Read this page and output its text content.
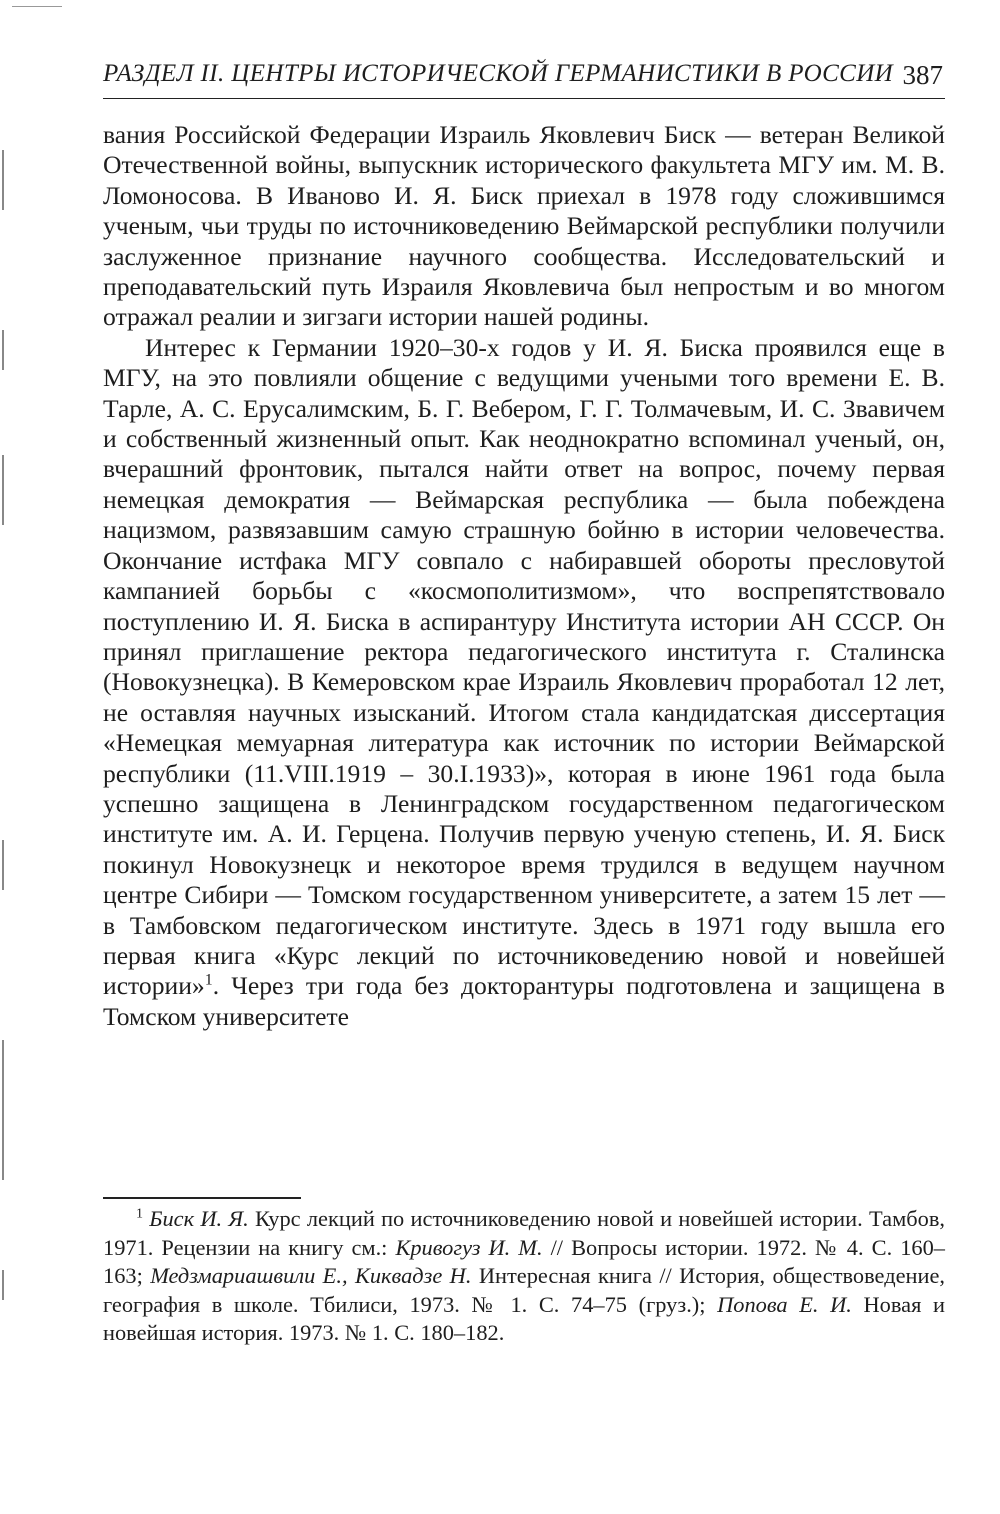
РАЗДЕЛ II. ЦЕНТРЫ ИСТОРИЧЕСКОЙ ГЕРМАНИСТИКИ В РОССИИ 387

вания Российской Федерации Израиль Яковлевич Биск — ветеран Великой Отечественной войны, выпускник исторического факультета МГУ им. М. В. Ломоносова. В Иваново И. Я. Биск приехал в 1978 году сложившимся ученым, чьи труды по источниковедению Веймарской республики получили заслуженное признание научного сообщества. Исследовательский и преподавательский путь Израиля Яковлевича был непростым и во многом отражал реалии и зигзаги истории нашей родины.

Интерес к Германии 1920–30-х годов у И. Я. Биска проявился еще в МГУ, на это повлияли общение с ведущими учеными того времени Е. В. Тарле, А. С. Ерусалимским, Б. Г. Вебером, Г. Г. Толмачевым, И. С. Звавичем и собственный жизненный опыт. Как неоднократно вспоминал ученый, он, вчерашний фронтовик, пытался найти ответ на вопрос, почему первая немецкая демократия — Веймарская республика — была побеждена нацизмом, развязавшим самую страшную бойню в истории человечества. Окончание истфака МГУ совпало с набиравшей обороты пресловутой кампанией борьбы с «космополитизмом», что воспрепятствовало поступлению И. Я. Биска в аспирантуру Института истории АН СССР. Он принял приглашение ректора педагогического института г. Сталинска (Новокузнецка). В Кемеровском крае Израиль Яковлевич проработал 12 лет, не оставляя научных изысканий. Итогом стала кандидатская диссертация «Немецкая мемуарная литература как источник по истории Веймарской республики (11.VIII.1919 – 30.I.1933)», которая в июне 1961 года была успешно защищена в Ленинградском государственном педагогическом институте им. А. И. Герцена. Получив первую ученую степень, И. Я. Биск покинул Новокузнецк и некоторое время трудился в ведущем научном центре Сибири — Томском государственном университете, а затем 15 лет — в Тамбовском педагогическом институте. Здесь в 1971 году вышла его первая книга «Курс лекций по источниковедению новой и новейшей истории»$^1$. Через три года без докторантуры подготовлена и защищена в Томском университете

$^1$ Биск И. Я. Курс лекций по источниковедению новой и новейшей истории. Тамбов, 1971. Рецензии на книгу см.: Кривогуз И. М. // Вопросы истории. 1972. № 4. С. 160–163; Медзмариашвили Е., Киквадзе Н. Интересная книга // История, обществоведение, география в школе. Тбилиси, 1973. № 1. С. 74–75 (груз.); Попова Е. И. Новая и новейшая история. 1973. № 1. С. 180–182.
